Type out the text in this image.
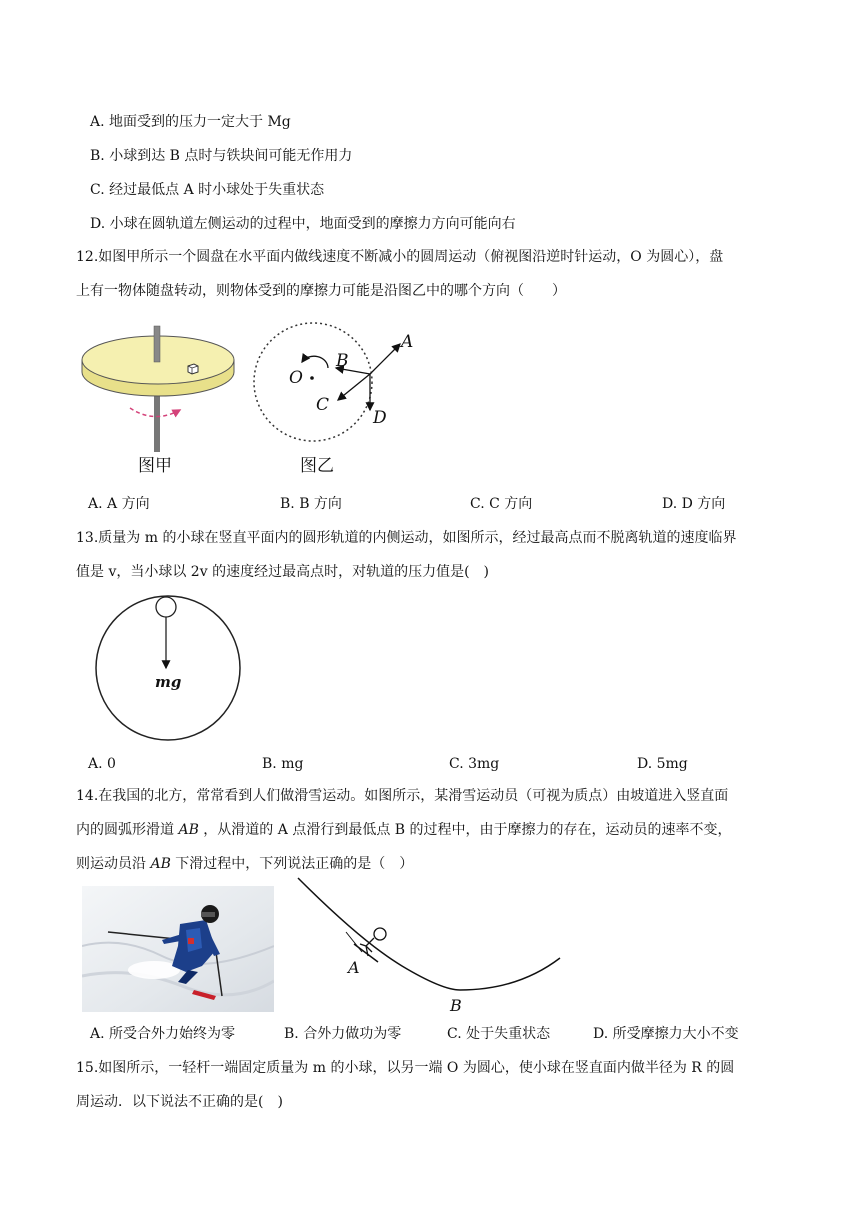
A. 地面受到的压力一定大于 Mg
B. 小球到达 B 点时与铁块间可能无作用力
C. 经过最低点 A 时小球处于失重状态
D. 小球在圆轨道左侧运动的过程中，地面受到的摩擦力方向可能向右
12.如图甲所示一个圆盘在水平面内做线速度不断减小的圆周运动（俯视图沿逆时针运动，O 为圆心），盘
上有一物体随盘转动，则物体受到的摩擦力可能是沿图乙中的哪个方向（　　）
图甲
O
A
B
C
D
图乙
A. A 方向	B. B 方向	C. C 方向	D. D 方向
13.质量为 m 的小球在竖直平面内的圆形轨道的内侧运动，如图所示，经过最高点而不脱离轨道的速度临界
值是 v，当小球以 2v 的速度经过最高点时，对轨道的压力值是(　)
mg
A. 0	B. mg	C. 3mg	D. 5mg
14.在我国的北方，常常看到人们做滑雪运动。如图所示，某滑雪运动员（可视为质点）由坡道进入竖直面
内的圆弧形滑道 AB ，从滑道的 A 点滑行到最低点 B 的过程中，由于摩擦力的存在，运动员的速率不变，
则运动员沿 AB 下滑过程中，下列说法正确的是（　）
A
B
A. 所受合外力始终为零	B. 合外力做功为零	C. 处于失重状态	D. 所受摩擦力大小不变
15.如图所示，一轻杆一端固定质量为 m 的小球，以另一端 O 为圆心，使小球在竖直面内做半径为 R 的圆
周运动．以下说法不正确的是(　)
